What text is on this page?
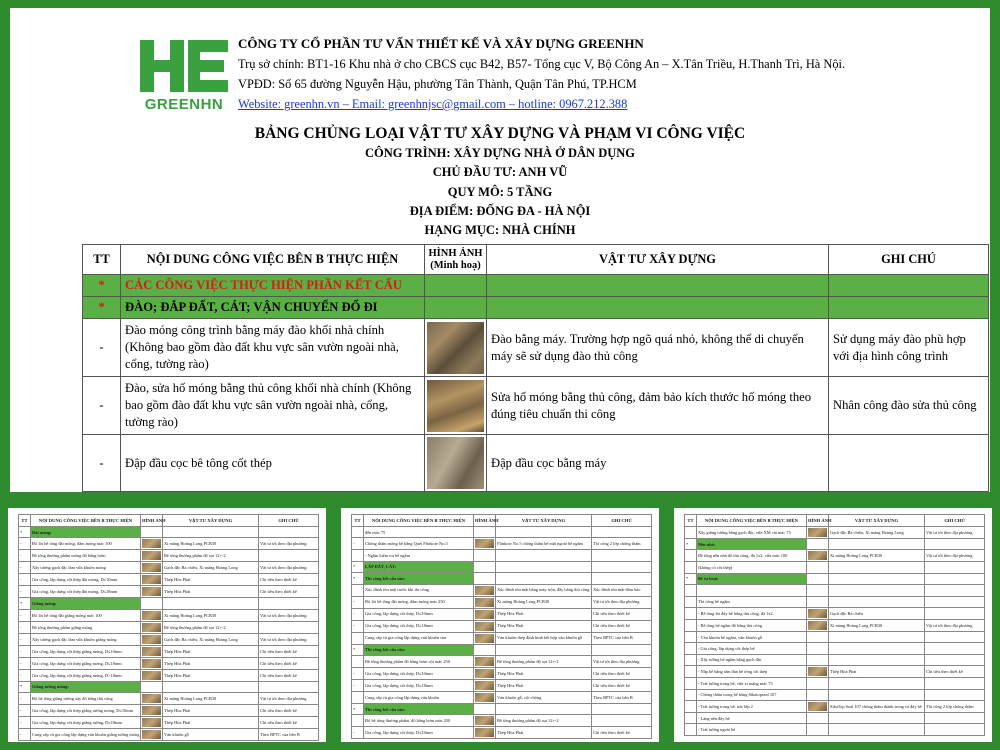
GREENHN
CÔNG TY CỔ PHẦN TƯ VẤN THIẾT KẾ VÀ XÂY DỰNG GREENHN
Trụ sở chính: BT1-16 Khu nhà ở cho CBCS cục B42, B57- Tổng cục V, Bộ Công An – X.Tân Triều, H.Thanh Trì, Hà Nội.
VPĐD: Số 65 đường Nguyễn Hậu, phường Tân Thành, Quận Tân Phú, TP.HCM
Website: greenhn.vn – Email: greenhnjsc@gmail.com – hotline: 0967.212.388
BẢNG CHỦNG LOẠI VẬT TƯ XÂY DỰNG VÀ PHẠM VI CÔNG VIỆC
CÔNG TRÌNH: XÂY DỰNG NHÀ Ở DÂN DỤNG
CHỦ ĐẦU TƯ: ANH VŨ
QUY MÔ: 5 TẦNG
ĐỊA ĐIỂM: ĐỐNG ĐA - HÀ NỘI
HẠNG MỤC: NHÀ CHÍNH
TT	NỘI DUNG CÔNG VIỆC BÊN B THỰC HIỆN	HÌNH ẢNH (Minh hoạ)	VẬT TƯ XÂY DỰNG	GHI CHÚ
*	CÁC CÔNG VIỆC THỰC HIỆN PHẦN KẾT CẤU			
*	ĐÀO; ĐẮP ĐẤT, CÁT; VẬN CHUYỂN ĐỔ ĐI			
-	Đào móng công trình bằng máy đào khối nhà chính (Không bao gồm đào đất khu vực sân vườn ngoài nhà, cổng, tường rào)		Đào bằng máy. Trường hợp ngõ quá nhỏ, không thể di chuyển máy sẽ sử dụng đào thủ công	Sử dụng máy đào phù hợp với địa hình công trình
-	Đào, sửa hố móng bằng thủ công khối nhà chính (Không bao gồm đào đất khu vực sân vườn ngoài nhà, cổng, tường rào)		Sửa hố móng bằng thủ công, đảm bảo kích thước hố móng theo đúng tiêu chuẩn thi công	Nhân công đào sửa thủ công
-	Đập đầu cọc bê tông cốt thép		Đập đầu cọc bằng máy	
TT	NỘI DUNG CÔNG VIỆC BÊN B THỰC HIỆN	HÌNH ẢNH	VẬT TƯ XÂY DỰNG	GHI CHÚ
*	Đài móng:			
-	Đổ lót bê tông đài móng, dầm móng mác 100		Xi măng Hoàng Long PCB30	Vật tư tốt theo địa phương
-	Bê tông thương phẩm móng đổ bằng bơm		Bê tông thương phẩm độ sụt 12+-2	
-	Xây tường gạch đặc làm vữa khuôn móng		Gạch đặc Ba chiều, Xi măng Hoàng Long	Vật tư tốt theo địa phương
-	Gia công, lắp dựng cốt thép đài móng, D≤10mm		Thép Hòa Phát	Chỉ tiêu theo thiết kế
-	Gia công, lắp dựng cốt thép đài móng, D≤18mm		Thép Hòa Phát	Chỉ tiêu theo thiết kế
*	Giằng móng:			
-	Đổ lót bê tông đài giằng móng mác 100		Xi măng Hoàng Long PCB30	Vật tư tốt theo địa phương
-	Bê tông thương phẩm giằng móng		Bê tông thương phẩm độ sụt 12+-2	
-	Xây tường gạch đặc làm vữa khuôn giằng móng		Gạch đặc Ba chiều, Xi măng Hoàng Long	Vật tư tốt theo địa phương
-	Gia công, lắp dựng cốt thép giằng móng, D≤10mm		Thép Hòa Phát	Chỉ tiêu theo thiết kế
-	Gia công, lắp dựng cốt thép giằng móng, D≤18mm		Thép Hòa Phát	Chỉ tiêu theo thiết kế
-	Gia công, lắp dựng cốt thép giằng móng, D>18mm		Thép Hòa Phát	Chỉ tiêu theo thiết kế
*	Giằng tường móng:			
-	Đổ bê tông giằng tường xây đổ bằng thủ công		Xi măng Hoàng Long PCB30	Vật tư tốt theo địa phương
-	Gia công, lắp dựng cốt thép giằng tường móng, D≤10mm		Thép Hòa Phát	Chỉ tiêu theo thiết kế
-	Gia công, lắp dựng cốt thép giằng tường, D≤18mm		Thép Hòa Phát	Chỉ tiêu theo thiết kế
-	Cung cấp và gia công lắp dựng ván khuôn giằng tường móng		Ván khuôn gỗ	Theo BPTC của bên B
TT	NỘI DUNG CÔNG VIỆC BÊN B THỰC HIỆN	HÌNH ẢNH	VẬT TƯ XÂY DỰNG	GHI CHÚ
	đến mác 75			
-	Chống thấm móng bể bằng Quét Flinkote No.5		Flinkote No.5 chống thấm bể mặt ngoài bể ngầm	Thi công 2 lớp chống thấm
	- Ngầm kiểm tra bể ngầm			
*	LẤP ĐẤT, CÁT:			
*	Thi công kết cấu sàn:			
	Xúc đánh tôn mặt trước khi thi công		Xúc đánh tôn mặt bằng máy trộn, đẩy bằng thủ công	Xúc đánh tôn mặt đảm bảo
-	Đổ lót bê tông đài móng, dầm móng mác 250		Xi măng Hoàng Long PCB30	Vật tư tốt theo địa phương
-	Gia công, lắp dựng cốt thép, D≤10mm		Thép Hòa Phát	Chỉ tiêu theo thiết kế
-	Gia công, lắp dựng cốt thép, D≤18mm		Thép Hòa Phát	Chỉ tiêu theo thiết kế
	Cung cấp và gia công lắp dựng ván khuôn sàn		Ván khuôn thép định hình kết hợp ván khuôn gỗ	Theo BPTC của bên B
*	Thi công kết cấu cầu:			
	Bê tông thương phẩm đổ bằng bơm cột mác 250		Bê tông thương phẩm độ sụt 12+-2	Vật tư tốt theo địa phương
-	Gia công, lắp dựng cốt thép, D≤10mm		Thép Hòa Phát	Chỉ tiêu theo thiết kế
-	Gia công, lắp dựng cốt thép, D≤18mm		Thép Hòa Phát	Chỉ tiêu theo thiết kế
	Cung cấp và gia công lắp dựng ván khuôn		Ván khuôn gỗ, cột chống	Theo BPTC của bên B
*	Thi công kết cấu sàn:			
	Đổ bê tông thương phẩm, đổ bằng bơm mác 250		Bê tông thương phẩm độ sụt 12+-2	
-	Gia công, lắp dựng cốt thép, D≤10mm		Thép Hòa Phát	Chỉ tiêu theo thiết kế
TT	NỘI DUNG CÔNG VIỆC BÊN B THỰC HIỆN	HÌNH ẢNH	VẬT TƯ XÂY DỰNG	GHI CHÚ
	Xây giằng tường bằng gạch đặc, vữa XM cát mác 75		Gạch đặc Ba chiều, Xi măng Hoàng Long	Vật tư tốt theo địa phương
*	Nền nhà:			
	Bê tông nền nhà đổ thủ công, đá 1x2, vữa mác 100		Xi măng Hoàng Long PCB30	Vật tư tốt theo địa phương
	(không có cốt thép)			
*	Bể tự hoại:			

	Thi công bể ngầm			
	- Bê tông lót đáy bể bằng thủ công, đá 1x2		Gạch đặc Ba chiều	
	- Bê tông bể ngầm đổ bằng thủ công		Xi măng Hoàng Long PCB30	Vật tư tốt theo địa phương
	- Ván khuôn bể ngầm, ván khuôn gỗ			
	- Gia công, lắp dựng cốt thép bể			
	- Xây tường bể ngầm bằng gạch đặc			
	- Nắp bể bằng tấm đan bê tông cốt thép		Thép Hòa Phát	Chỉ tiêu theo thiết kế
	- Trát tường trong bể, vữa xi măng mác 75			
	- Chống thấm trong bể bằng Sikatopseal 107			
	- Trát tường trong bể, trát lớp 2		SikaTop Seal 107 chống thấm thành trong và đáy bể	Thi công 2 lớp chống thấm
	- Láng nền đáy bể			
	- Trát tường ngoài bể			
